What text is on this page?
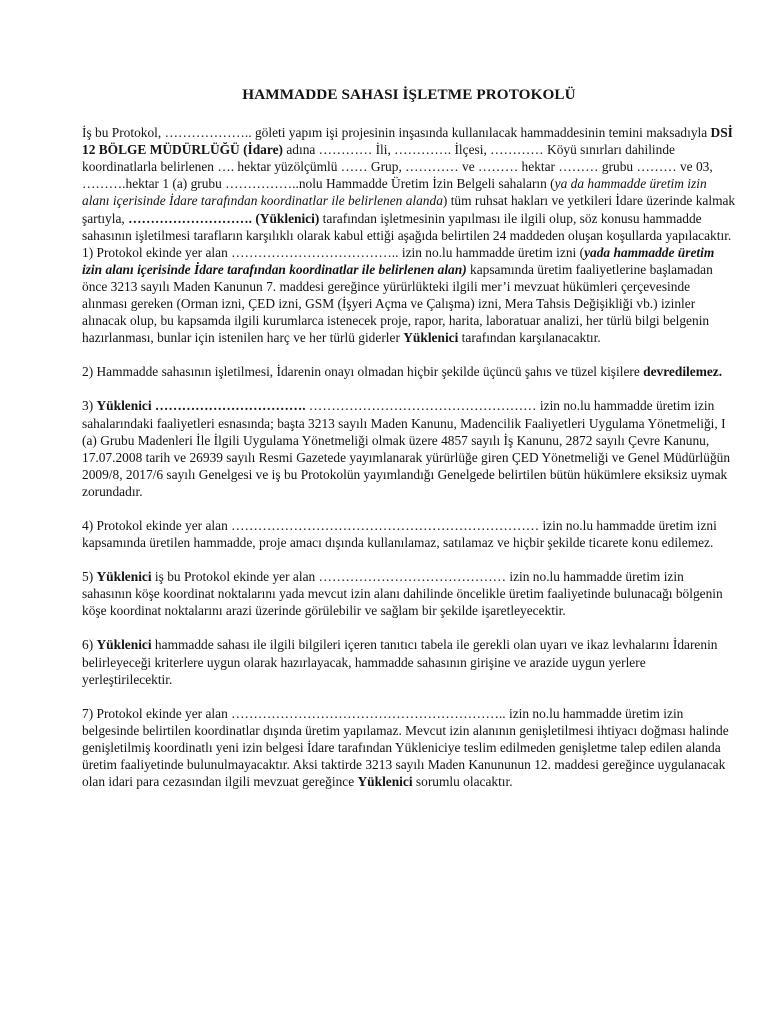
HAMMADDE SAHASI İŞLETME PROTOKOLÜ

İş bu Protokol, ……………….. göleti yapım işi projesinin inşasında kullanılacak hammaddesinin temini maksadıyla DSİ 12 BÖLGE MÜDÜRLÜĞÜ (İdare) adına ………… İli, …………. İlçesi, ………… Köyü sınırları dahilinde koordinatlarla belirlenen …. hektar yüzölçümlü …… Grup, ………… ve ……… hektar ……… grubu ……… ve 03, ……….hektar 1 (a) grubu ……………..nolu Hammadde Üretim İzin Belgeli sahaların (ya da hammadde üretim izin alanı içerisinde İdare tarafından koordinatlar ile belirlenen alanda) tüm ruhsat hakları ve yetkileri İdare üzerinde kalmak şartıyla, ………………………. (Yüklenici) tarafından işletmesinin yapılması ile ilgili olup, söz konusu hammadde sahasının işletilmesi tarafların karşılıklı olarak kabul ettiği aşağıda belirtilen 24 maddeden oluşan koşullarda yapılacaktır.

1) Protokol ekinde yer alan ……………………………….. izin no.lu hammadde üretim izni (yada hammadde üretim izin alanı içerisinde İdare tarafından koordinatlar ile belirlenen alan) kapsamında üretim faaliyetlerine başlamadan önce 3213 sayılı Maden Kanunun 7. maddesi gereğince yürürlükteki ilgili mer’i mevzuat hükümleri çerçevesinde alınması gereken (Orman izni, ÇED izni, GSM (İşyeri Açma ve Çalışma) izni, Mera Tahsis Değişikliği vb.) izinler alınacak olup, bu kapsamda ilgili kurumlarca istenecek proje, rapor, harita, laboratuar analizi, her türlü bilgi belgenin hazırlanması, bunlar için istenilen harç ve her türlü giderler Yüklenici tarafından karşılanacaktır.

2) Hammadde sahasının işletilmesi, İdarenin onayı olmadan hiçbir şekilde üçüncü şahıs ve tüzel kişilere devredilemez.

3) Yüklenici ……………………………. …………………………………………… izin no.lu hammadde üretim izin sahalarındaki faaliyetleri esnasında; başta 3213 sayılı Maden Kanunu, Madencilik Faaliyetleri Uygulama Yönetmeliği, I (a) Grubu Madenleri İle İlgili Uygulama Yönetmeliği olmak üzere 4857 sayılı İş Kanunu, 2872 sayılı Çevre Kanunu, 17.07.2008 tarih ve 26939 sayılı Resmi Gazetede yayımlanarak yürürlüğe giren ÇED Yönetmeliği ve Genel Müdürlüğün 2009/8, 2017/6 sayılı Genelgesi ve iş bu Protokolün yayımlandığı Genelgede belirtilen bütün hükümlere eksiksiz uymak zorundadır.

4) Protokol ekinde yer alan …………………………………………………………… izin no.lu hammadde üretim izni kapsamında üretilen hammadde, proje amacı dışında kullanılamaz, satılamaz ve hiçbir şekilde ticarete konu edilemez.

5) Yüklenici iş bu Protokol ekinde yer alan …………………………………… izin no.lu hammadde üretim izin sahasının köşe koordinat noktalarını yada mevcut izin alanı dahilinde öncelikle üretim faaliyetinde bulunacağı bölgenin köşe koordinat noktalarını arazi üzerinde görülebilir ve sağlam bir şekilde işaretleyecektir.

6) Yüklenici hammadde sahası ile ilgili bilgileri içeren tanıtıcı tabela ile gerekli olan uyarı ve ikaz levhalarını İdarenin belirleyeceği kriterlere uygun olarak hazırlayacak, hammadde sahasının girişine ve arazide uygun yerlere yerleştirilecektir.

7) Protokol ekinde yer alan …………………………………………………….. izin no.lu hammadde üretim izin belgesinde belirtilen koordinatlar dışında üretim yapılamaz. Mevcut izin alanının genişletilmesi ihtiyacı doğması halinde genişletilmiş koordinatlı yeni izin belgesi İdare tarafından Yükleniciye teslim edilmeden genişletme talep edilen alanda üretim faaliyetinde bulunulmayacaktır. Aksi taktirde 3213 sayılı Maden Kanununun 12. maddesi gereğince uygulanacak olan idari para cezasından ilgili mevzuat gereğince Yüklenici sorumlu olacaktır.
